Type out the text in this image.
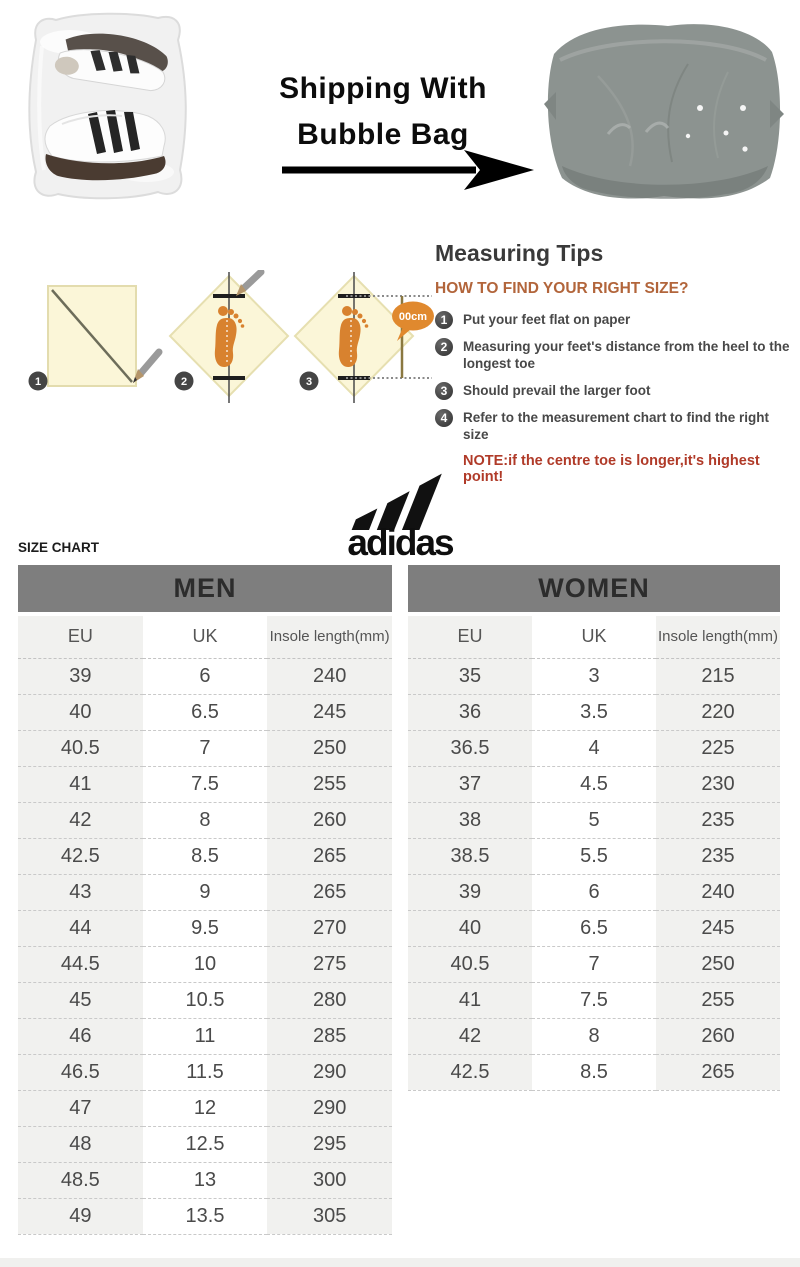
Shipping With
Bubble Bag
1	2
00cm
3
Measuring Tips
HOW TO FIND YOUR RIGHT SIZE?
1	Put your feet flat on paper
2	Measuring your feet's distance from the heel to the longest toe
3	Should prevail the larger foot
4	Refer to the measurement chart to find the right size
NOTE:if the centre toe is longer,it's highest point!
adidas
SIZE CHART
MEN
EU	UK	Insole length(mm)
39	6	240
40	6.5	245
40.5	7	250
41	7.5	255
42	8	260
42.5	8.5	265
43	9	265
44	9.5	270
44.5	10	275
45	10.5	280
46	11	285
46.5	11.5	290
47	12	290
48	12.5	295
48.5	13	300
49	13.5	305
WOMEN
EU	UK	Insole length(mm)
35	3	215
36	3.5	220
36.5	4	225
37	4.5	230
38	5	235
38.5	5.5	235
39	6	240
40	6.5	245
40.5	7	250
41	7.5	255
42	8	260
42.5	8.5	265
